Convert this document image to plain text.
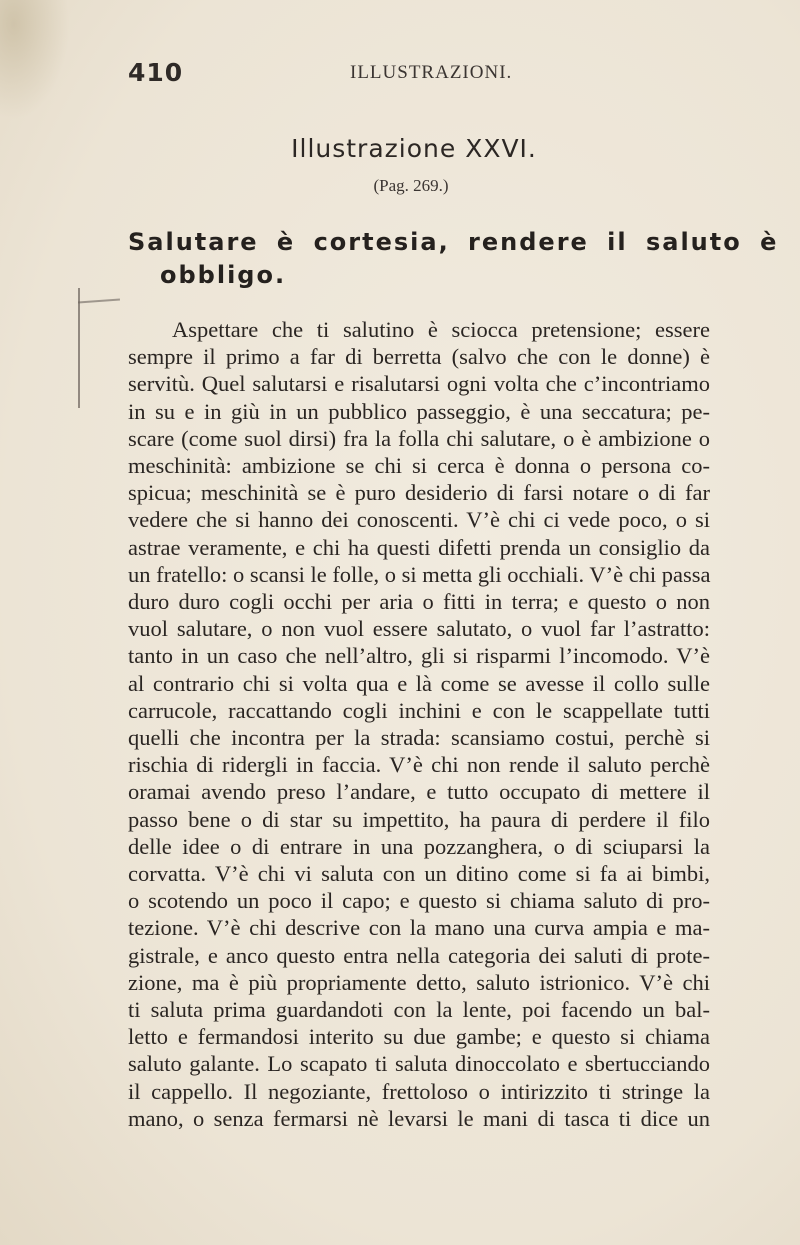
410	ILLUSTRAZIONI.
Illustrazione XXVI.
(Pag. 269.)
Salutare è cortesia, rendere il saluto è
obbligo.
Aspettare che ti salutino è sciocca pretensione; essere
sempre il primo a far di berretta (salvo che con le donne) è
servitù. Quel salutarsi e risalutarsi ogni volta che c’incontriamo
in su e in giù in un pubblico passeggio, è una seccatura; pe-
scare (come suol dirsi) fra la folla chi salutare, o è ambizione o
meschinità: ambizione se chi si cerca è donna o persona co-
spicua; meschinità se è puro desiderio di farsi notare o di far
vedere che si hanno dei conoscenti. V’è chi ci vede poco, o si
astrae veramente, e chi ha questi difetti prenda un consiglio da
un fratello: o scansi le folle, o si metta gli occhiali. V’è chi passa
duro duro cogli occhi per aria o fitti in terra; e questo o non
vuol salutare, o non vuol essere salutato, o vuol far l’astratto:
tanto in un caso che nell’altro, gli si risparmi l’incomodo. V’è
al contrario chi si volta qua e là come se avesse il collo sulle
carrucole, raccattando cogli inchini e con le scappellate tutti
quelli che incontra per la strada: scansiamo costui, perchè si
rischia di ridergli in faccia. V’è chi non rende il saluto perchè
oramai avendo preso l’andare, e tutto occupato di mettere il
passo bene o di star su impettito, ha paura di perdere il filo
delle idee o di entrare in una pozzanghera, o di sciuparsi la
corvatta. V’è chi vi saluta con un ditino come si fa ai bimbi,
o scotendo un poco il capo; e questo si chiama saluto di pro-
tezione. V’è chi descrive con la mano una curva ampia e ma-
gistrale, e anco questo entra nella categoria dei saluti di prote-
zione, ma è più propriamente detto, saluto istrionico. V’è chi
ti saluta prima guardandoti con la lente, poi facendo un bal-
letto e fermandosi interito su due gambe; e questo si chiama
saluto galante. Lo scapato ti saluta dinoccolato e sbertucciando
il cappello. Il negoziante, frettoloso o intirizzito ti stringe la
mano, o senza fermarsi nè levarsi le mani di tasca ti dice un
